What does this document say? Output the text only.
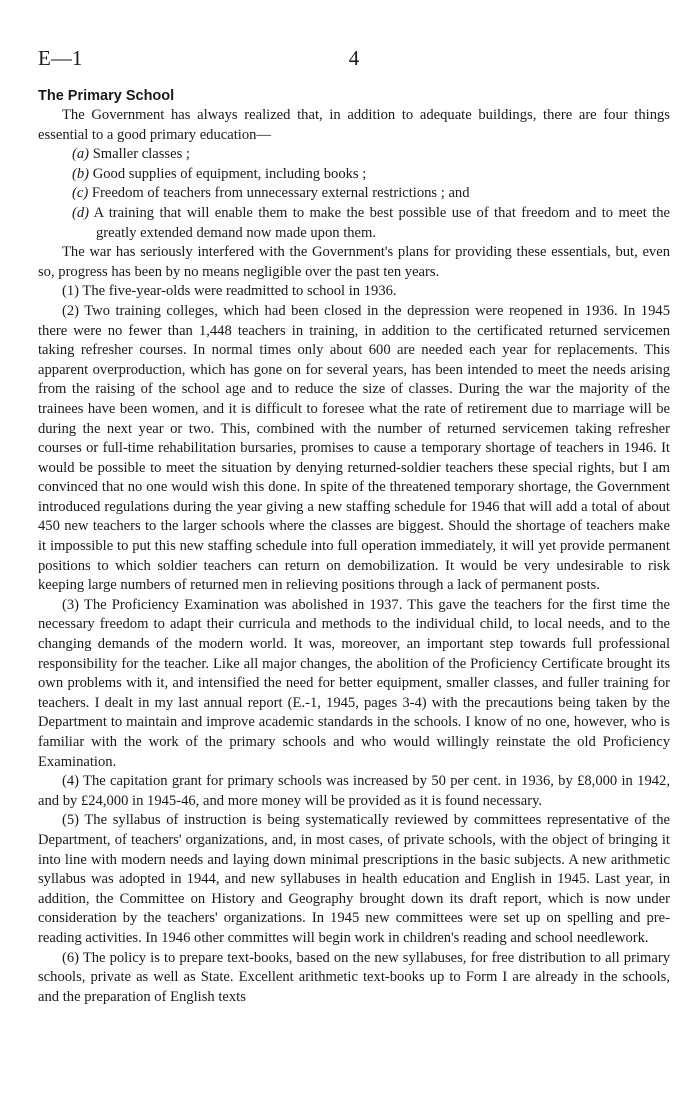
E—1	4
The Primary School

The Government has always realized that, in addition to adequate buildings, there are four things essential to a good primary education—

(a) Smaller classes ;
(b) Good supplies of equipment, including books ;
(c) Freedom of teachers from unnecessary external restrictions ; and
(d) A training that will enable them to make the best possible use of that freedom and to meet the greatly extended demand now made upon them.

The war has seriously interfered with the Government's plans for providing these essentials, but, even so, progress has been by no means negligible over the past ten years.

(1) The five-year-olds were readmitted to school in 1936.

(2) Two training colleges, which had been closed in the depression were reopened in 1936. In 1945 there were no fewer than 1,448 teachers in training, in addition to the certificated returned servicemen taking refresher courses. In normal times only about 600 are needed each year for replacements. This apparent overproduction, which has gone on for several years, has been intended to meet the needs arising from the raising of the school age and to reduce the size of classes. During the war the majority of the trainees have been women, and it is difficult to foresee what the rate of retirement due to marriage will be during the next year or two. This, combined with the number of returned servicemen taking refresher courses or full-time rehabilitation bursaries, promises to cause a temporary shortage of teachers in 1946. It would be possible to meet the situation by denying returned-soldier teachers these special rights, but I am convinced that no one would wish this done. In spite of the threatened temporary shortage, the Government introduced regulations during the year giving a new staffing schedule for 1946 that will add a total of about 450 new teachers to the larger schools where the classes are biggest. Should the shortage of teachers make it impossible to put this new staffing schedule into full operation immediately, it will yet provide permanent positions to which soldier teachers can return on demobilization. It would be very undesirable to risk keeping large numbers of returned men in relieving positions through a lack of permanent posts.

(3) The Proficiency Examination was abolished in 1937. This gave the teachers for the first time the necessary freedom to adapt their curricula and methods to the individual child, to local needs, and to the changing demands of the modern world. It was, moreover, an important step towards full professional responsibility for the teacher. Like all major changes, the abolition of the Proficiency Certificate brought its own problems with it, and intensified the need for better equipment, smaller classes, and fuller training for teachers. I dealt in my last annual report (E.-1, 1945, pages 3-4) with the precautions being taken by the Department to maintain and improve academic standards in the schools. I know of no one, however, who is familiar with the work of the primary schools and who would willingly reinstate the old Proficiency Examination.

(4) The capitation grant for primary schools was increased by 50 per cent. in 1936, by £8,000 in 1942, and by £24,000 in 1945-46, and more money will be provided as it is found necessary.

(5) The syllabus of instruction is being systematically reviewed by committees representative of the Department, of teachers' organizations, and, in most cases, of private schools, with the object of bringing it into line with modern needs and laying down minimal prescriptions in the basic subjects. A new arithmetic syllabus was adopted in 1944, and new syllabuses in health education and English in 1945. Last year, in addition, the Committee on History and Geography brought down its draft report, which is now under consideration by the teachers' organizations. In 1945 new committees were set up on spelling and pre-reading activities. In 1946 other committes will begin work in children's reading and school needlework.

(6) The policy is to prepare text-books, based on the new syllabuses, for free distribution to all primary schools, private as well as State. Excellent arithmetic text-books up to Form I are already in the schools, and the preparation of English texts
